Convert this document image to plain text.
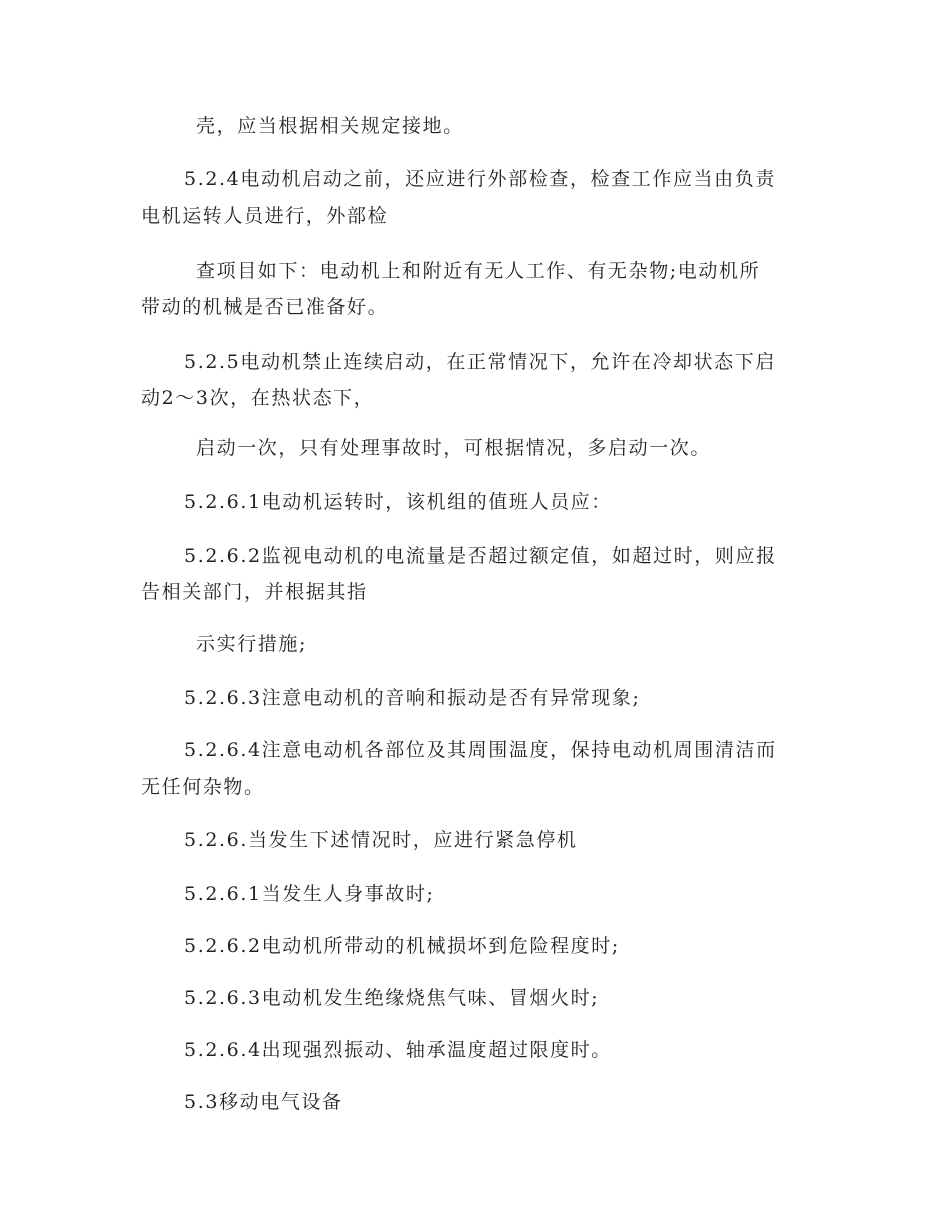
壳，应当根据相关规定接地。
5.2.4电动机启动之前，还应进行外部检查，检查工作应当由负责
电机运转人员进行，外部检
查项目如下：电动机上和附近有无人工作、有无杂物;电动机所
带动的机械是否已准备好。
5.2.5电动机禁止连续启动，在正常情况下，允许在冷却状态下启
动2～3次，在热状态下，
启动一次，只有处理事故时，可根据情况，多启动一次。
5.2.6.1电动机运转时，该机组的值班人员应：
5.2.6.2监视电动机的电流量是否超过额定值，如超过时，则应报
告相关部门，并根据其指
示实行措施;
5.2.6.3注意电动机的音响和振动是否有异常现象;
5.2.6.4注意电动机各部位及其周围温度，保持电动机周围清洁而
无任何杂物。
5.2.6.当发生下述情况时，应进行紧急停机
5.2.6.1当发生人身事故时;
5.2.6.2电动机所带动的机械损坏到危险程度时;
5.2.6.3电动机发生绝缘烧焦气味、冒烟火时;
5.2.6.4出现强烈振动、轴承温度超过限度时。
5.3移动电气设备
